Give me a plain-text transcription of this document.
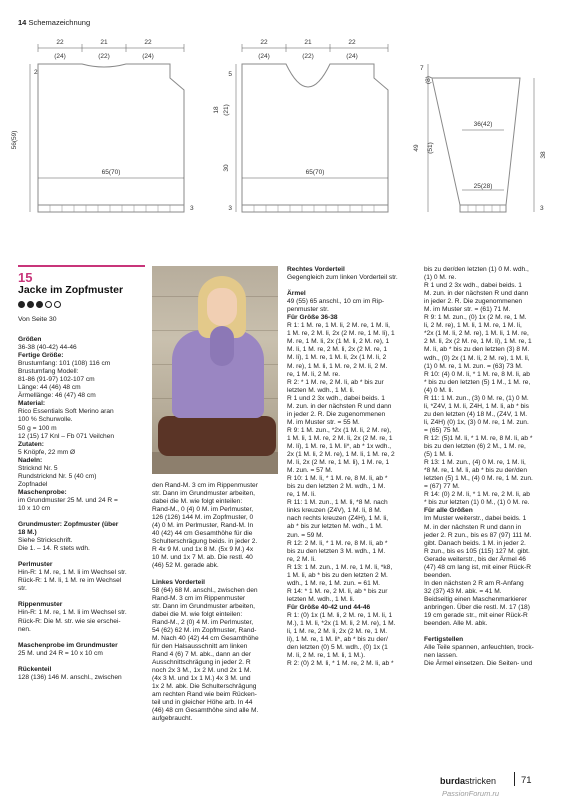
14 Schemazeichnung
22	21	22
(24)	(22)	(24)
2
56(59)
65(70)
3
22	21	22
(24)	(22)	(24)
5
18 (21)
30
65(70)
3
7
(8)
36(42)
49 (51)
25(28)
38
3
15
Jacke im Zopfmuster
Von Seite 30

Größen

36-38 (40-42) 44-46

Fertige Größe:

Brustumfang: 101 (108) 116 cm

Brustumfang Modell:

81-86 (91-97) 102-107 cm

Länge: 44 (46) 48 cm

Ärmellänge: 46 (47) 48 cm

Material:

Rico Essentials Soft Merino aran

100 % Schurwolle.

50 g = 100 m

12 (15) 17 Knl – Fb 071 Veilchen

Zutaten:

5 Knöpfe, 22 mm Ø

Nadeln:

Stricknd Nr. 5

Rundstricknd Nr. 5 (40 cm)

Zopfnadel

Maschenprobe:

im Grundmuster 25 M. und 24 R =

10 x 10 cm

Grundmuster: Zopfmuster (über

18 M.)

Siehe Strickschrift.

Die 1. – 14. R stets wdh.

Perlmuster

Hin-R: 1 M. re, 1 M. li im Wechsel str.

Rück-R: 1 M. li, 1 M. re im Wechsel

str.

Rippenmuster

Hin-R: 1 M. re, 1 M. li im Wechsel str.

Rück-R: Die M. str. wie sie erschei-

nen.

Maschenprobe im Grundmuster

25 M. und 24 R = 10 x 10 cm

Rückenteil

128 (136) 146 M. anschl., zwischen

den Rand-M. 3 cm im Rippenmuster

str. Dann im Grundmuster arbeiten,

dabei die M. wie folgt einteilen:

Rand-M., 0 (4) 0 M. im Perlmuster,

126 (126) 144 M. im Zopfmuster, 0

(4) 0 M. im Perlmuster, Rand-M. In

40 (42) 44 cm Gesamthöhe für die

Schulterschrägung beids. in jeder 2.

R 4x 9 M. und 1x 8 M. (5x 9 M.) 4x

10 M. und 1x 7 M. ab. Die restl. 40

(46) 52 M. gerade abk.

Linkes Vorderteil

58 (64) 68 M. anschl., zwischen den

Rand-M. 3 cm im Rippenmuster

str. Dann im Grundmuster arbeiten,

dabei die M. wie folgt einteilen:

Rand-M., 2 (0) 4 M. im Perlmuster,

54 (62) 62 M. im Zopfmuster, Rand-

M. Nach 40 (42) 44 cm Gesamthöhe

für den Halsausschnitt am linken

Rand 4 (6) 7 M. abk., dann an der

Ausschnittschrägung in jeder 2. R

noch 2x 3 M., 1x 2 M. und 2x 1 M.

(4x 3 M. und 1x 1 M.) 4x 3 M. und

1x 2 M. abk. Die Schulterschrägung

am rechten Rand wie beim Rücken-

teil und in gleicher Höhe arb. In 44

(46) 48 cm Gesamthöhe sind alle M.

aufgebraucht.

Rechtes Vorderteil

Gegengleich zum linken Vorderteil str.

Ärmel

49 (55) 65 anschl., 10 cm im Rip-

penmuster str.

Für Größe 36-38

R 1: 1 M. re, 1 M. li, 2 M. re, 1 M. li,

1 M. re, 2 M. li, 2x (2 M. re, 1 M. li), 1

M. re, 1 M. li, 2x (1 M. li, 2 M. re), 1

M. li, 1 M. re, 2 M. li, 2x (2 M. re, 1

M. li), 1 M. re, 1 M. li, 2x (1 M. li, 2

M. re), 1 M. li, 1 M. re, 2 M. li, 2 M.

re, 1 M. li, 2 M. re.

R 2: * 1 M. re, 2 M. li, ab * bis zur

letzten M. wdh., 1 M. li.

R 1 und 2 3x wdh., dabei beids. 1

M. zun. in der nächsten R und dann

in jeder 2. R. Die zugenommenen

M. im Muster str. = 55 M.

R 9: 1 M. zun., *2x (1 M. li, 2 M. re),

1 M. li, 1 M. re, 2 M. li, 2x (2 M. re, 1

M. li), 1 M. re, 1 M. li*, ab * 1x wdh.,

2x (1 M. li, 2 M. re), 1 M. li, 1 M. re, 2

M. li, 2x (2 M. re, 1 M. li), 1 M. re, 1

M. zun. = 57 M.

R 10: 1 M. li, * 1 M. re, 8 M. li, ab *

bis zu den letzten 2 M. wdh., 1 M.

re, 1 M. li.

R 11: 1 M. zun., 1 M. li, *8 M. nach

links kreuzen (Z4V), 1 M. li, 8 M.

nach rechts kreuzen (Z4H), 1 M. li,

ab * bis zur letzten M. wdh., 1 M.

zun. = 59 M.

R 12: 2 M. li, * 1 M. re, 8 M. li, ab *

bis zu den letzten 3 M. wdh., 1 M.

re, 2 M. li.

R 13: 1 M. zun., 1 M. re, 1 M. li, *k8,

1 M. li, ab * bis zu den letzten 2 M.

wdh., 1 M. re, 1 M. zun. = 61 M.

R 14: * 1 M. re, 2 M. li, ab * bis zur

letzten M. wdh., 1 M. li.

Für Größe 40-42 und 44-46

R 1: (0) 1x (1 M. li, 2 M. re, 1 M. li, 1

M.), 1 M. li, *2x (1 M. li, 2 M. re), 1 M.

li, 1 M. re, 2 M. li, 2x (2 M. re, 1 M.

li), 1 M. re, 1 M. li*, ab * bis zu der/

den letzten (0) 5 M. wdh., (0) 1x (1

M. li, 2 M. re, 1 M. li, 1 M.).

R 2: (0) 2 M. li, * 1 M. re, 2 M. li, ab *

bis zu der/den letzten (1) 0 M. wdh.,

(1) 0 M. re.

R 1 und 2 3x wdh., dabei beids. 1

M. zun. in der nächsten R und dann

in jeder 2. R. Die zugenommenen

M. im Muster str. = (61) 71 M.

R 9: 1 M. zun., (0) 1x (2 M. re, 1 M.

li, 2 M. re), 1 M. li, 1 M. re, 1 M. li,

*2x (1 M. li, 2 M. re), 1 M. li, 1 M. re,

2 M. li, 2x (2 M. re, 1 M. li), 1 M. re, 1

M. li, ab * bis zu den letzten (3) 8 M.

wdh., (0) 2x (1 M. li, 2 M. re), 1 M. li,

(1) 0 M. re, 1 M. zun. = (63) 73 M.

R 10: (4) 0 M. li, * 1 M. re, 8 M. li, ab

* bis zu den letzten (5) 1 M., 1 M. re,

(4) 0 M. li.

R 11: 1 M. zun., (3) 0 M. re, (1) 0 M.

li, *Z4V, 1 M. li, Z4H, 1 M. li, ab * bis

zu den letzten (4) 18 M., (Z4V, 1 M.

li, Z4H) (0) 1x, (3) 0 M. re, 1 M. zun.

= (65) 75 M.

R 12: (5)1 M. li, * 1 M. re, 8 M. li, ab *

bis zu den letzten (6) 2 M., 1 M. re,

(5) 1 M. li.

R 13: 1 M. zun., (4) 0 M. re, 1 M. li,

*8 M. re, 1 M. li, ab * bis zu der/den

letzten (5) 1 M., (4) 0 M. re, 1 M. zun.

= (67) 77 M.

R 14: (0) 2 M. li, * 1 M. re, 2 M. li, ab

* bis zur letzten (1) 0 M., (1) 0 M. re.

Für alle Größen

Im Muster weiterstr., dabei beids. 1

M. in der nächsten R und dann in

jeder 2. R zun., bis es 87 (97) 111 M.

gibt. Danach beids. 1 M. in jeder 2.

R zun., bis es 105 (115) 127 M. gibt.

Gerade weiterstr., bis der Ärmel 46

(47) 48 cm lang ist, mit einer Rück-R

beenden.

In den nächsten 2 R am R-Anfang

32 (37) 43 M. abk. = 41 M.

Beidseitig einen Maschenmarkierer

anbringen. Über die restl. M. 17 (18)

19 cm gerade str., mit einer Rück-R

beenden. Alle M. abk.

Fertigstellen

Alle Teile spannen, anfeuchten, trock-

nen lassen.

Die Ärmel einsetzen. Die Seiten- und

burdastricken	71
PassionForum.ru
